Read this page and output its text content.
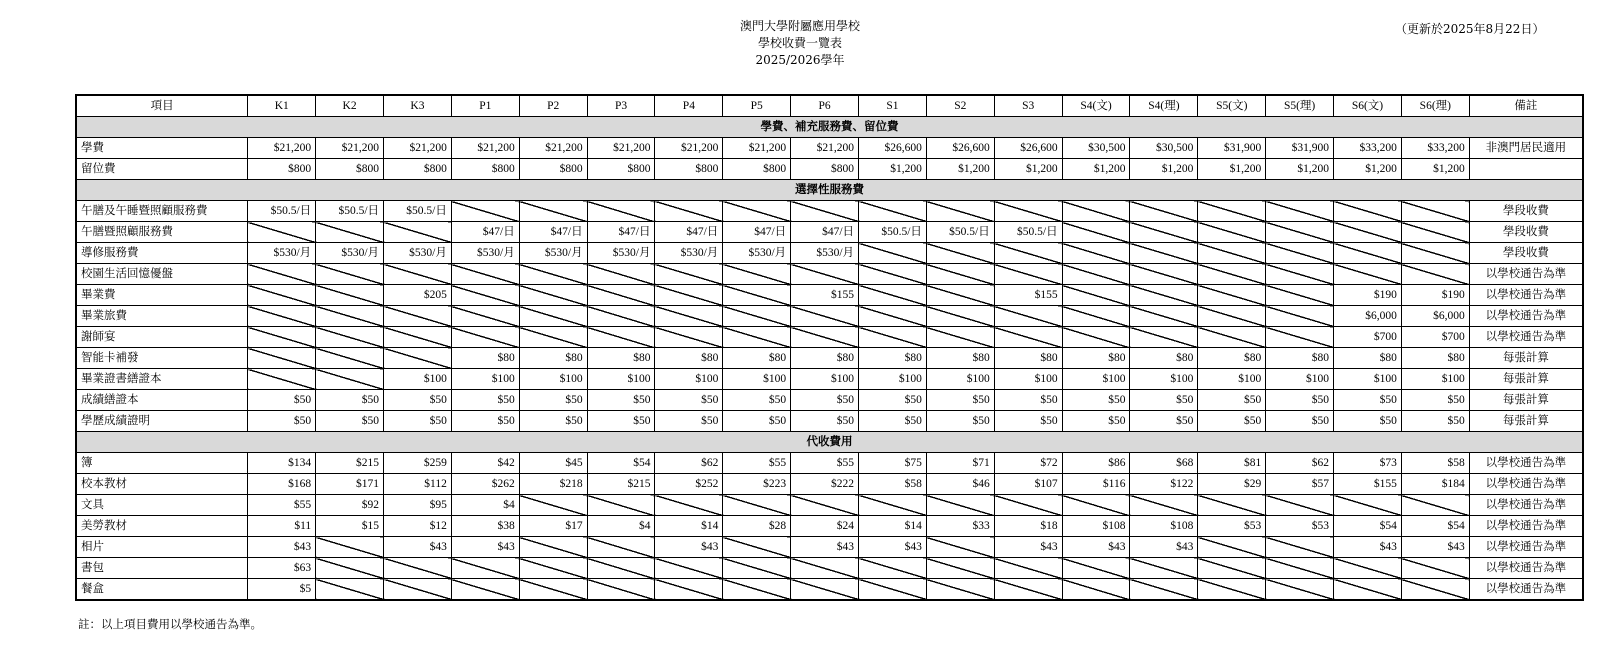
澳門大學附屬應用學校
學校收費一覽表
2025/2026學年
（更新於2025年8月22日）
項目	K1	K2	K3	P1	P2	P3	P4	P5	P6	S1	S2	S3	S4(文)	S4(理)	S5(文)	S5(理)	S6(文)	S6(理)	備註
學費、補充服務費、留位費																			
學費	$21,200	$21,200	$21,200	$21,200	$21,200	$21,200	$21,200	$21,200	$21,200	$26,600	$26,600	$26,600	$30,500	$30,500	$31,900	$31,900	$33,200	$33,200	非澳門居民適用
留位費	$800	$800	$800	$800	$800	$800	$800	$800	$800	$1,200	$1,200	$1,200	$1,200	$1,200	$1,200	$1,200	$1,200	$1,200	
選擇性服務費																			
午膳及午睡暨照顧服務費	$50.5/日	$50.5/日	$50.5/日																學段收費
午膳暨照顧服務費				$47/日	$47/日	$47/日	$47/日	$47/日	$47/日	$50.5/日	$50.5/日	$50.5/日							學段收費
導修服務費	$530/月	$530/月	$530/月	$530/月	$530/月	$530/月	$530/月	$530/月	$530/月										學段收費
校園生活回憶優盤																			以學校通告為準
畢業費			$205						$155			$155					$190	$190	以學校通告為準
畢業旅費																	$6,000	$6,000	以學校通告為準
謝師宴																	$700	$700	以學校通告為準
智能卡補發				$80	$80	$80	$80	$80	$80	$80	$80	$80	$80	$80	$80	$80	$80	$80	每張計算
畢業證書繕證本			$100	$100	$100	$100	$100	$100	$100	$100	$100	$100	$100	$100	$100	$100	$100	$100	每張計算
成績繕證本	$50	$50	$50	$50	$50	$50	$50	$50	$50	$50	$50	$50	$50	$50	$50	$50	$50	$50	每張計算
學歷成績證明	$50	$50	$50	$50	$50	$50	$50	$50	$50	$50	$50	$50	$50	$50	$50	$50	$50	$50	每張計算
代收費用																			
簿	$134	$215	$259	$42	$45	$54	$62	$55	$55	$75	$71	$72	$86	$68	$81	$62	$73	$58	以學校通告為準
校本教材	$168	$171	$112	$262	$218	$215	$252	$223	$222	$58	$46	$107	$116	$122	$29	$57	$155	$184	以學校通告為準
文具	$55	$92	$95	$4															以學校通告為準
美勞教材	$11	$15	$12	$38	$17	$4	$14	$28	$24	$14	$33	$18	$108	$108	$53	$53	$54	$54	以學校通告為準
相片	$43		$43	$43			$43		$43	$43		$43	$43	$43			$43	$43	以學校通告為準
書包	$63																		以學校通告為準
餐盒	$5																		以學校通告為準
註：以上項目費用以學校通告為準。
